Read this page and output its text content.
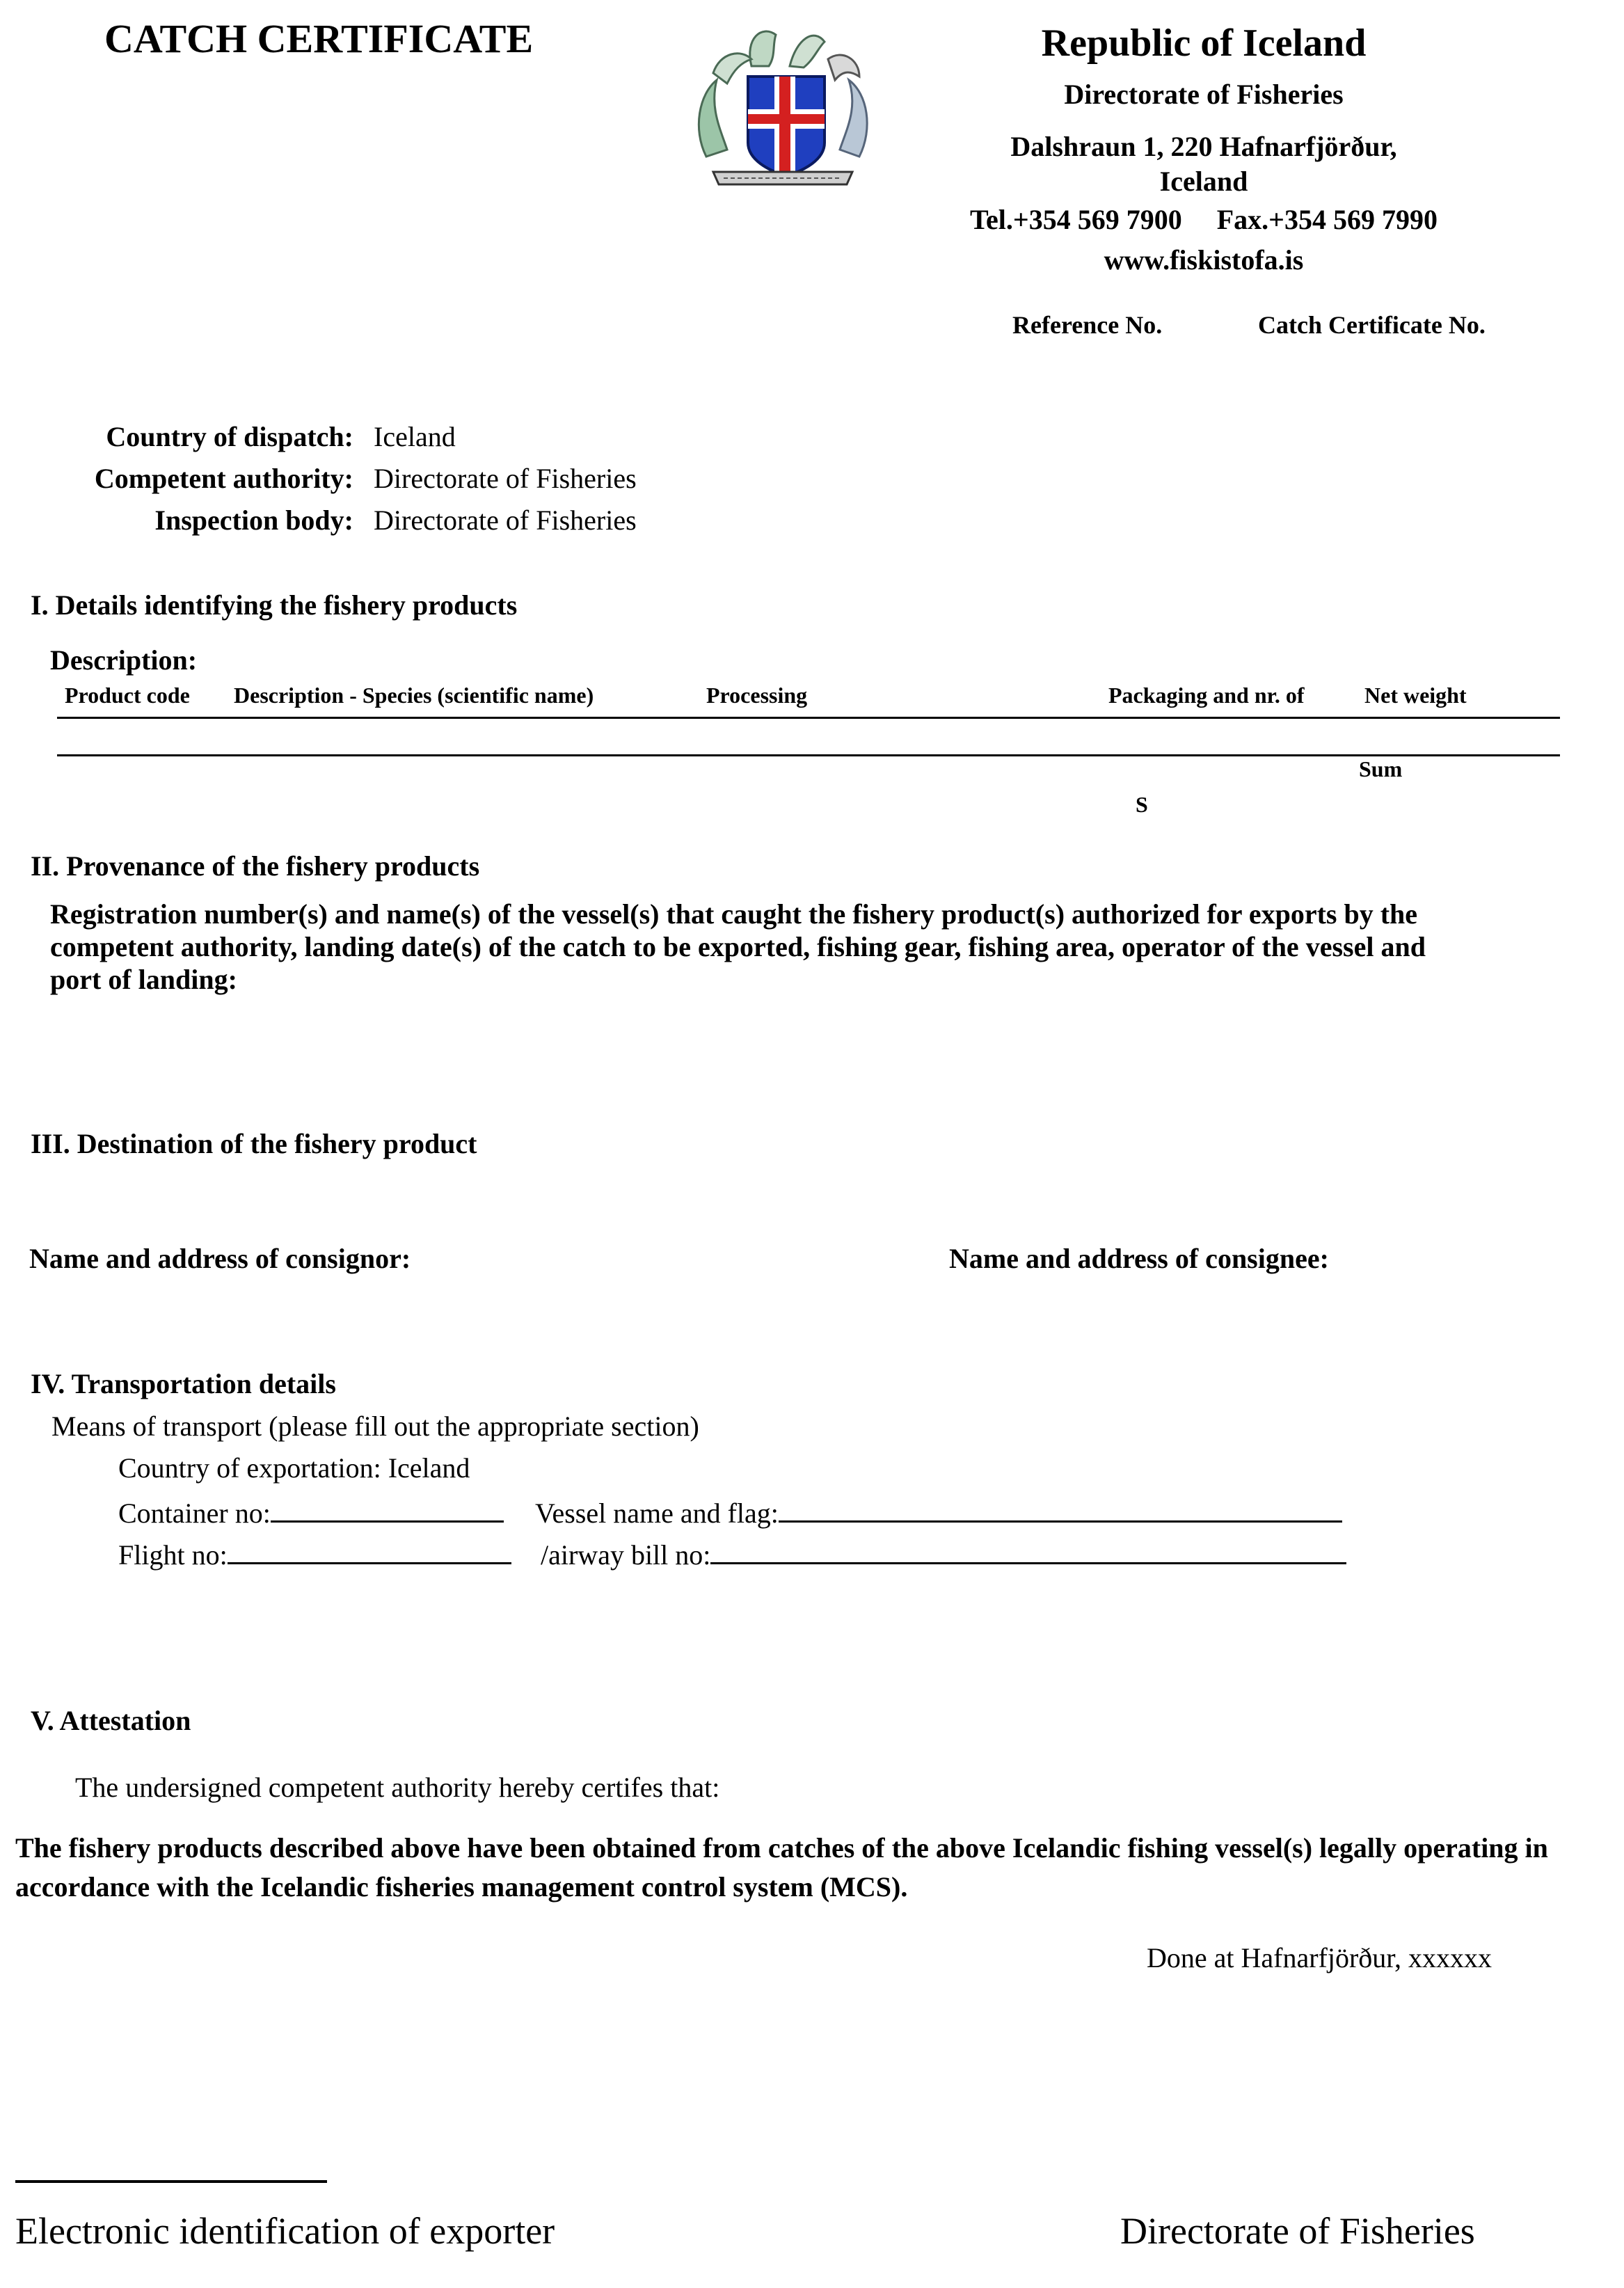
CATCH CERTIFICATE	Republic of Iceland
Directorate of Fisheries
Dalshraun 1, 220 Hafnarfjörður, Iceland
Tel.+354 569 7900 Fax.+354 569 7990
www.fiskistofa.is
Reference No.	Catch Certificate No.
Country of dispatch: Iceland
Competent authority: Directorate of Fisheries
Inspection body: Directorate of Fisheries
I. Details identifying the fishery products
Description:
Product code Description - Species (scientific name)	Processing	Packaging and nr. of	Net weight
Sum
S
II. Provenance of the fishery products
Registration number(s) and name(s) of the vessel(s) that caught the fishery product(s) authorized for exports by the competent authority, landing date(s) of the catch to be exported, fishing gear, fishing area, operator of the vessel and port of landing:
III. Destination of the fishery product
Name and address of consignor:	Name and address of consignee:
IV. Transportation details
Means of transport (please fill out the appropriate section)
Country of exportation: Iceland
Container no:	Vessel name and flag:
Flight no:	/airway bill no:
V. Attestation
The undersigned competent authority hereby certifes that:
The fishery products described above have been obtained from catches of the above Icelandic fishing vessel(s) legally operating in accordance with the Icelandic fisheries management control system (MCS).
Done at Hafnarfjörður, xxxxxx
Electronic identification of exporter	Directorate of Fisheries
